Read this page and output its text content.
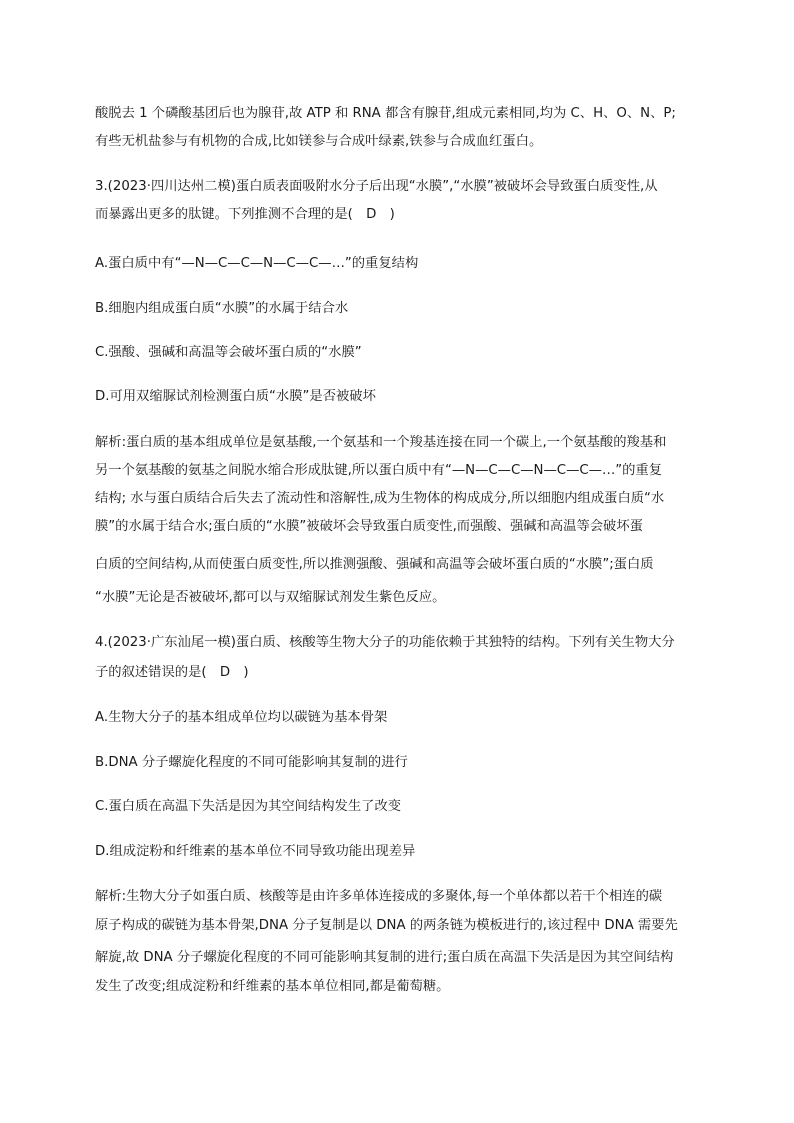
酸脱去 1 个磷酸基团后也为腺苷,故 ATP 和 RNA 都含有腺苷,组成元素相同,均为 C、H、O、N、P;
有些无机盐参与有机物的合成,比如镁参与合成叶绿素,铁参与合成血红蛋白。
3.(2023·四川达州二模)蛋白质表面吸附水分子后出现“水膜”,“水膜”被破坏会导致蛋白质变性,从
而暴露出更多的肽键。下列推测不合理的是(　D　)
A.蛋白质中有“—N—C—C—N—C—C—…”的重复结构
B.细胞内组成蛋白质“水膜”的水属于结合水
C.强酸、强碱和高温等会破坏蛋白质的“水膜”
D.可用双缩脲试剂检测蛋白质“水膜”是否被破坏
解析:蛋白质的基本组成单位是氨基酸,一个氨基和一个羧基连接在同一个碳上,一个氨基酸的羧基和
另一个氨基酸的氨基之间脱水缩合形成肽键,所以蛋白质中有“—N—C—C—N—C—C—…”的重复
结构; 水与蛋白质结合后失去了流动性和溶解性,成为生物体的构成成分,所以细胞内组成蛋白质“水
膜”的水属于结合水;蛋白质的“水膜”被破坏会导致蛋白质变性,而强酸、强碱和高温等会破坏蛋
白质的空间结构,从而使蛋白质变性,所以推测强酸、强碱和高温等会破坏蛋白质的“水膜”;蛋白质
“水膜”无论是否被破坏,都可以与双缩脲试剂发生紫色反应。
4.(2023·广东汕尾一模)蛋白质、核酸等生物大分子的功能依赖于其独特的结构。下列有关生物大分
子的叙述错误的是(　D　)
A.生物大分子的基本组成单位均以碳链为基本骨架
B.DNA 分子螺旋化程度的不同可能影响其复制的进行
C.蛋白质在高温下失活是因为其空间结构发生了改变
D.组成淀粉和纤维素的基本单位不同导致功能出现差异
解析:生物大分子如蛋白质、核酸等是由许多单体连接成的多聚体,每一个单体都以若干个相连的碳
原子构成的碳链为基本骨架,DNA 分子复制是以 DNA 的两条链为模板进行的,该过程中 DNA 需要先
解旋,故 DNA 分子螺旋化程度的不同可能影响其复制的进行;蛋白质在高温下失活是因为其空间结构
发生了改变;组成淀粉和纤维素的基本单位相同,都是葡萄糖。
